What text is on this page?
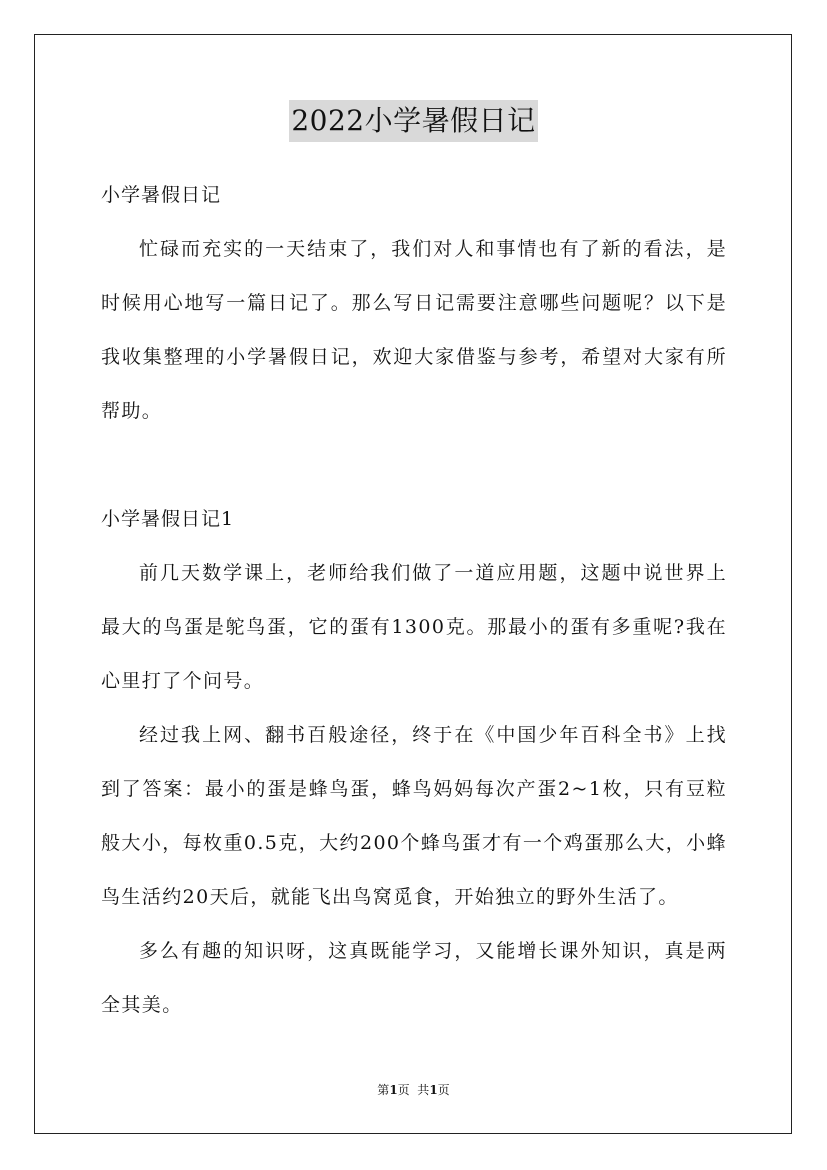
2022小学暑假日记

小学暑假日记

忙碌而充实的一天结束了，我们对人和事情也有了新的看法，是时候用心地写一篇日记了。那么写日记需要注意哪些问题呢？以下是我收集整理的小学暑假日记，欢迎大家借鉴与参考，希望对大家有所帮助。

小学暑假日记1

前几天数学课上，老师给我们做了一道应用题，这题中说世界上最大的鸟蛋是鸵鸟蛋，它的蛋有1300克。那最小的蛋有多重呢?我在心里打了个问号。

经过我上网、翻书百般途径，终于在《中国少年百科全书》上找到了答案：最小的蛋是蜂鸟蛋，蜂鸟妈妈每次产蛋2~1枚，只有豆粒般大小，每枚重0.5克，大约200个蜂鸟蛋才有一个鸡蛋那么大，小蜂鸟生活约20天后，就能飞出鸟窝觅食，开始独立的野外生活了。

多么有趣的知识呀，这真既能学习，又能增长课外知识，真是两全其美。

第1页  共1页
